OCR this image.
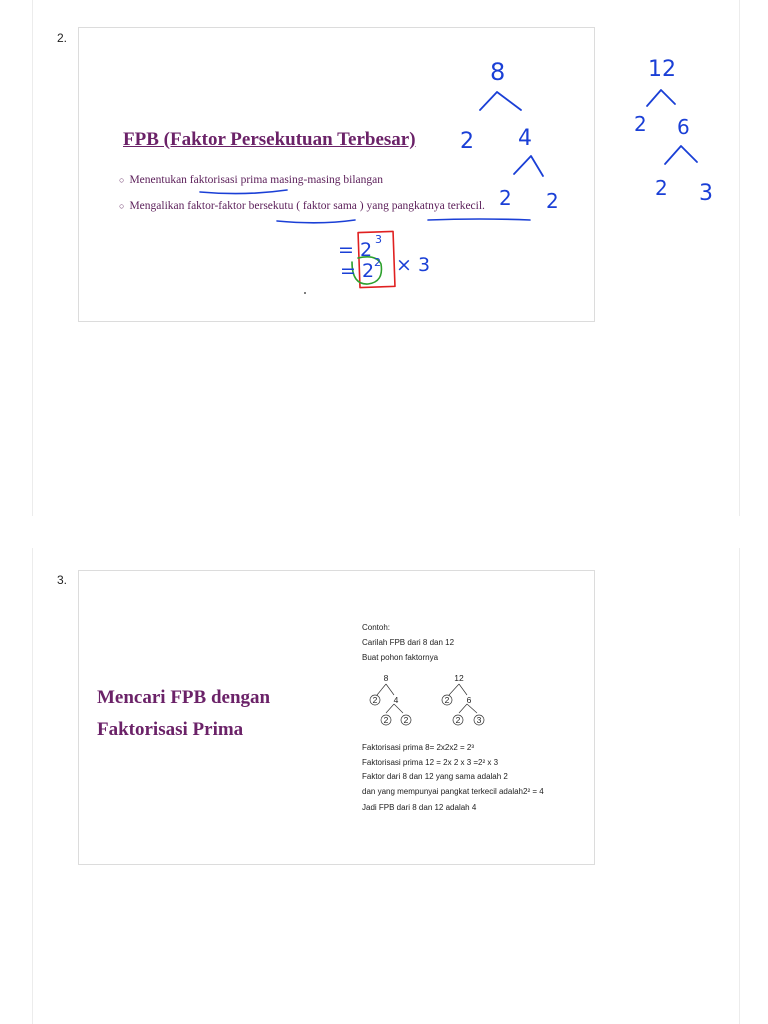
2.
FPB (Faktor Persekutuan Terbesar)
○ Menentukan faktorisasi prima masing-masing bilangan
○ Mengalikan faktor-faktor bersekutu ( faktor sama ) yang pangkatnya terkecil.
8
2 4
2 2
12
2 6
2 3
= 2 3
= 2 2 × 3
3.
Mencari FPB dengan Faktorisasi Prima
Contoh:
Carilah FPB dari 8 dan 12
Buat pohon faktornya
8
2	4
2	2
12
2	6
2	3
Faktorisasi prima 8= 2x2x2 = 2³
Faktorisasi prima 12 = 2x 2 x 3 =2² x 3
Faktor dari 8 dan 12 yang sama adalah 2
dan yang mempunyai pangkat terkecil adalah2² = 4
Jadi FPB dari 8 dan 12 adalah 4
